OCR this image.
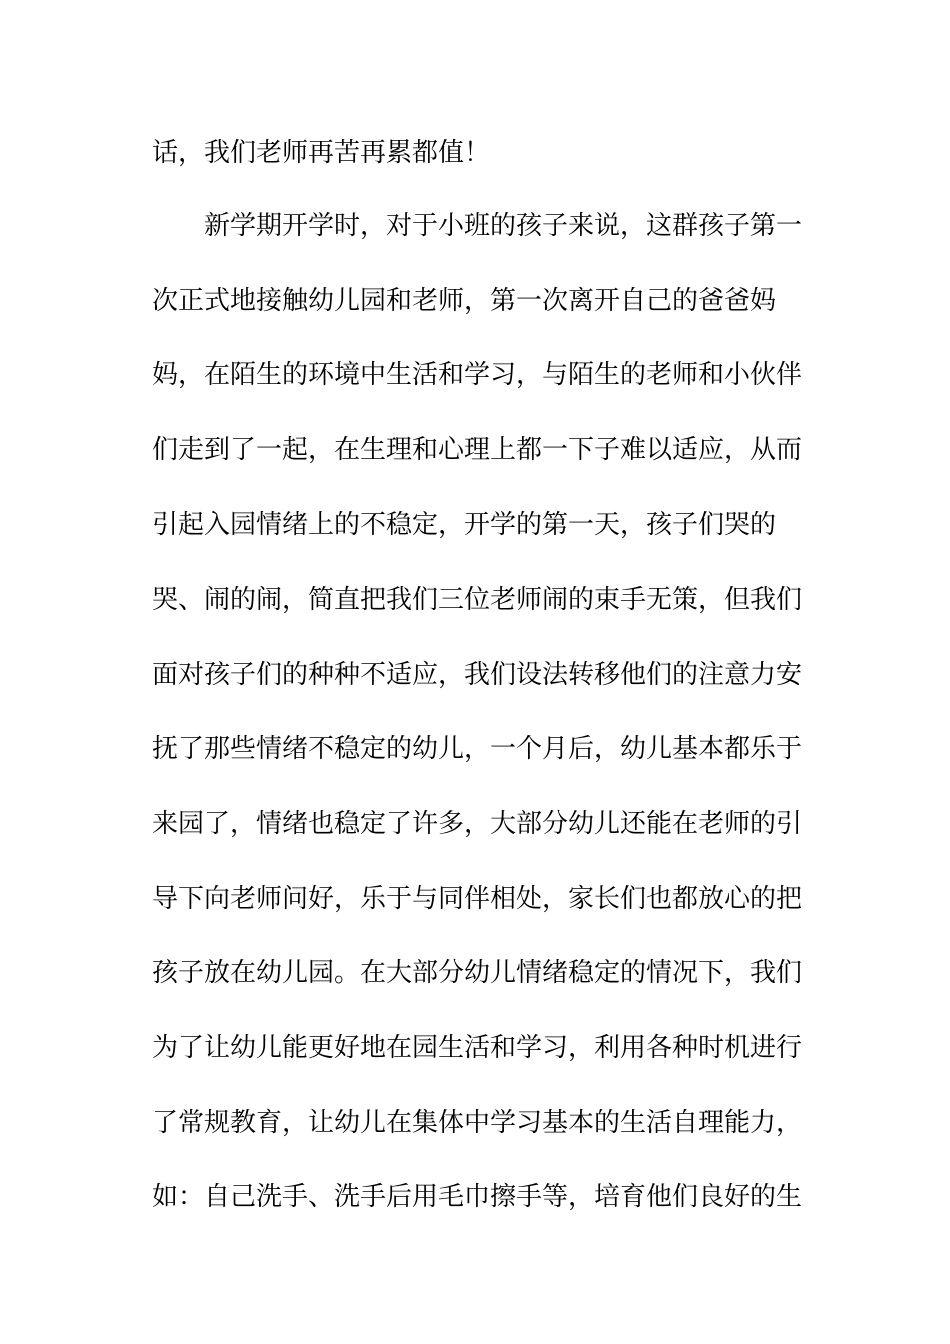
话，我们老师再苦再累都值！
新学期开学时，对于小班的孩子来说，这群孩子第一
次正式地接触幼儿园和老师，第一次离开自己的爸爸妈
妈，在陌生的环境中生活和学习，与陌生的老师和小伙伴
们走到了一起，在生理和心理上都一下子难以适应，从而
引起入园情绪上的不稳定，开学的第一天，孩子们哭的
哭、闹的闹，简直把我们三位老师闹的束手无策，但我们
面对孩子们的种种不适应，我们设法转移他们的注意力安
抚了那些情绪不稳定的幼儿，一个月后，幼儿基本都乐于
来园了，情绪也稳定了许多，大部分幼儿还能在老师的引
导下向老师问好，乐于与同伴相处，家长们也都放心的把
孩子放在幼儿园。在大部分幼儿情绪稳定的情况下，我们
为了让幼儿能更好地在园生活和学习，利用各种时机进行
了常规教育，让幼儿在集体中学习基本的生活自理能力，
如：自己洗手、洗手后用毛巾擦手等，培育他们良好的生
